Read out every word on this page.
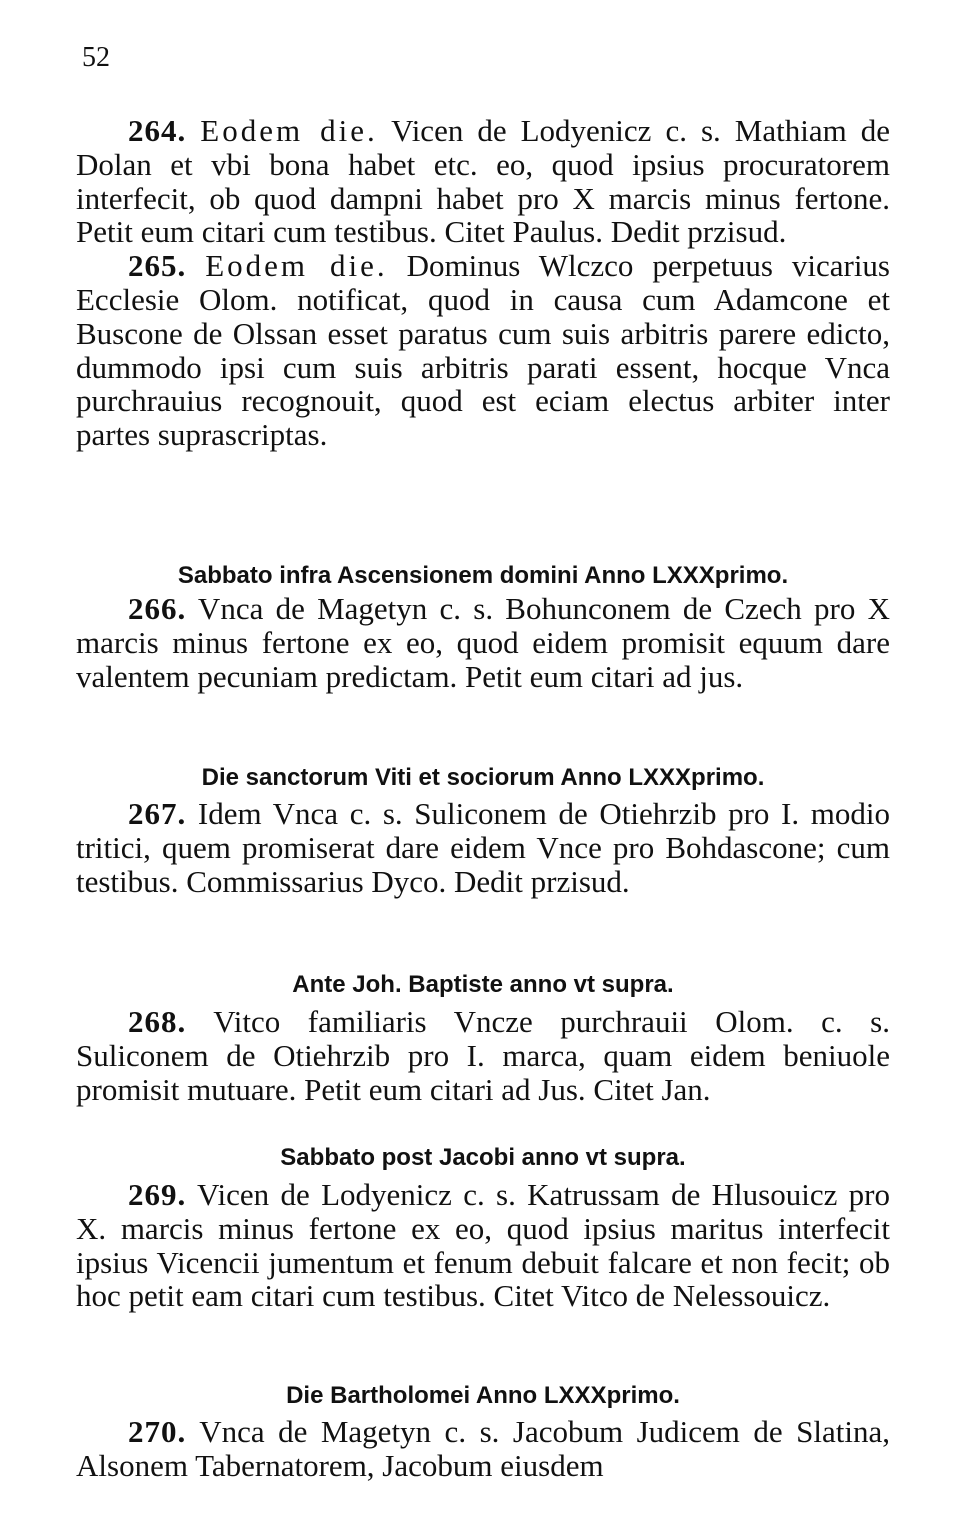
52

264. Eodem die. Vicen de Lodyenicz c. s. Mathiam de Dolan et vbi bona habet etc. eo, quod ipsius procuratorem interfecit, ob quod dampni habet pro X marcis minus fertone. Petit eum citari cum testibus. Citet Paulus. Dedit przisud.

265. Eodem die. Dominus Wlczco perpetuus vicarius Ecclesie Olom. notificat, quod in causa cum Adamcone et Buscone de Olssan esset paratus cum suis arbitris parere edicto, dummodo ipsi cum suis arbitris parati essent, hocque Vnca purchrauius recognouit, quod est eciam electus arbiter inter partes suprascriptas.

Sabbato infra Ascensionem domini Anno LXXXprimo.

266. Vnca de Magetyn c. s. Bohunconem de Czech pro X marcis minus fertone ex eo, quod eidem promisit equum dare valentem pecuniam predictam. Petit eum citari ad jus.

Die sanctorum Viti et sociorum Anno LXXXprimo.

267. Idem Vnca c. s. Suliconem de Otiehrzib pro I. modio tritici, quem promiserat dare eidem Vnce pro Bohdascone; cum testibus. Commissarius Dyco. Dedit przisud.

Ante Joh. Baptiste anno vt supra.

268. Vitco familiaris Vncze purchrauii Olom. c. s. Suliconem de Otiehrzib pro I. marca, quam eidem beniuole promisit mutuare. Petit eum citari ad Jus. Citet Jan.

Sabbato post Jacobi anno vt supra.

269. Vicen de Lodyenicz c. s. Katrussam de Hlusouicz pro X. marcis minus fertone ex eo, quod ipsius maritus interfecit ipsius Vicencii jumentum et fenum debuit falcare et non fecit; ob hoc petit eam citari cum testibus. Citet Vitco de Nelessouicz.

Die Bartholomei Anno LXXXprimo.

270. Vnca de Magetyn c. s. Jacobum Judicem de Slatina, Alsonem Tabernatorem, Jacobum eiusdem
